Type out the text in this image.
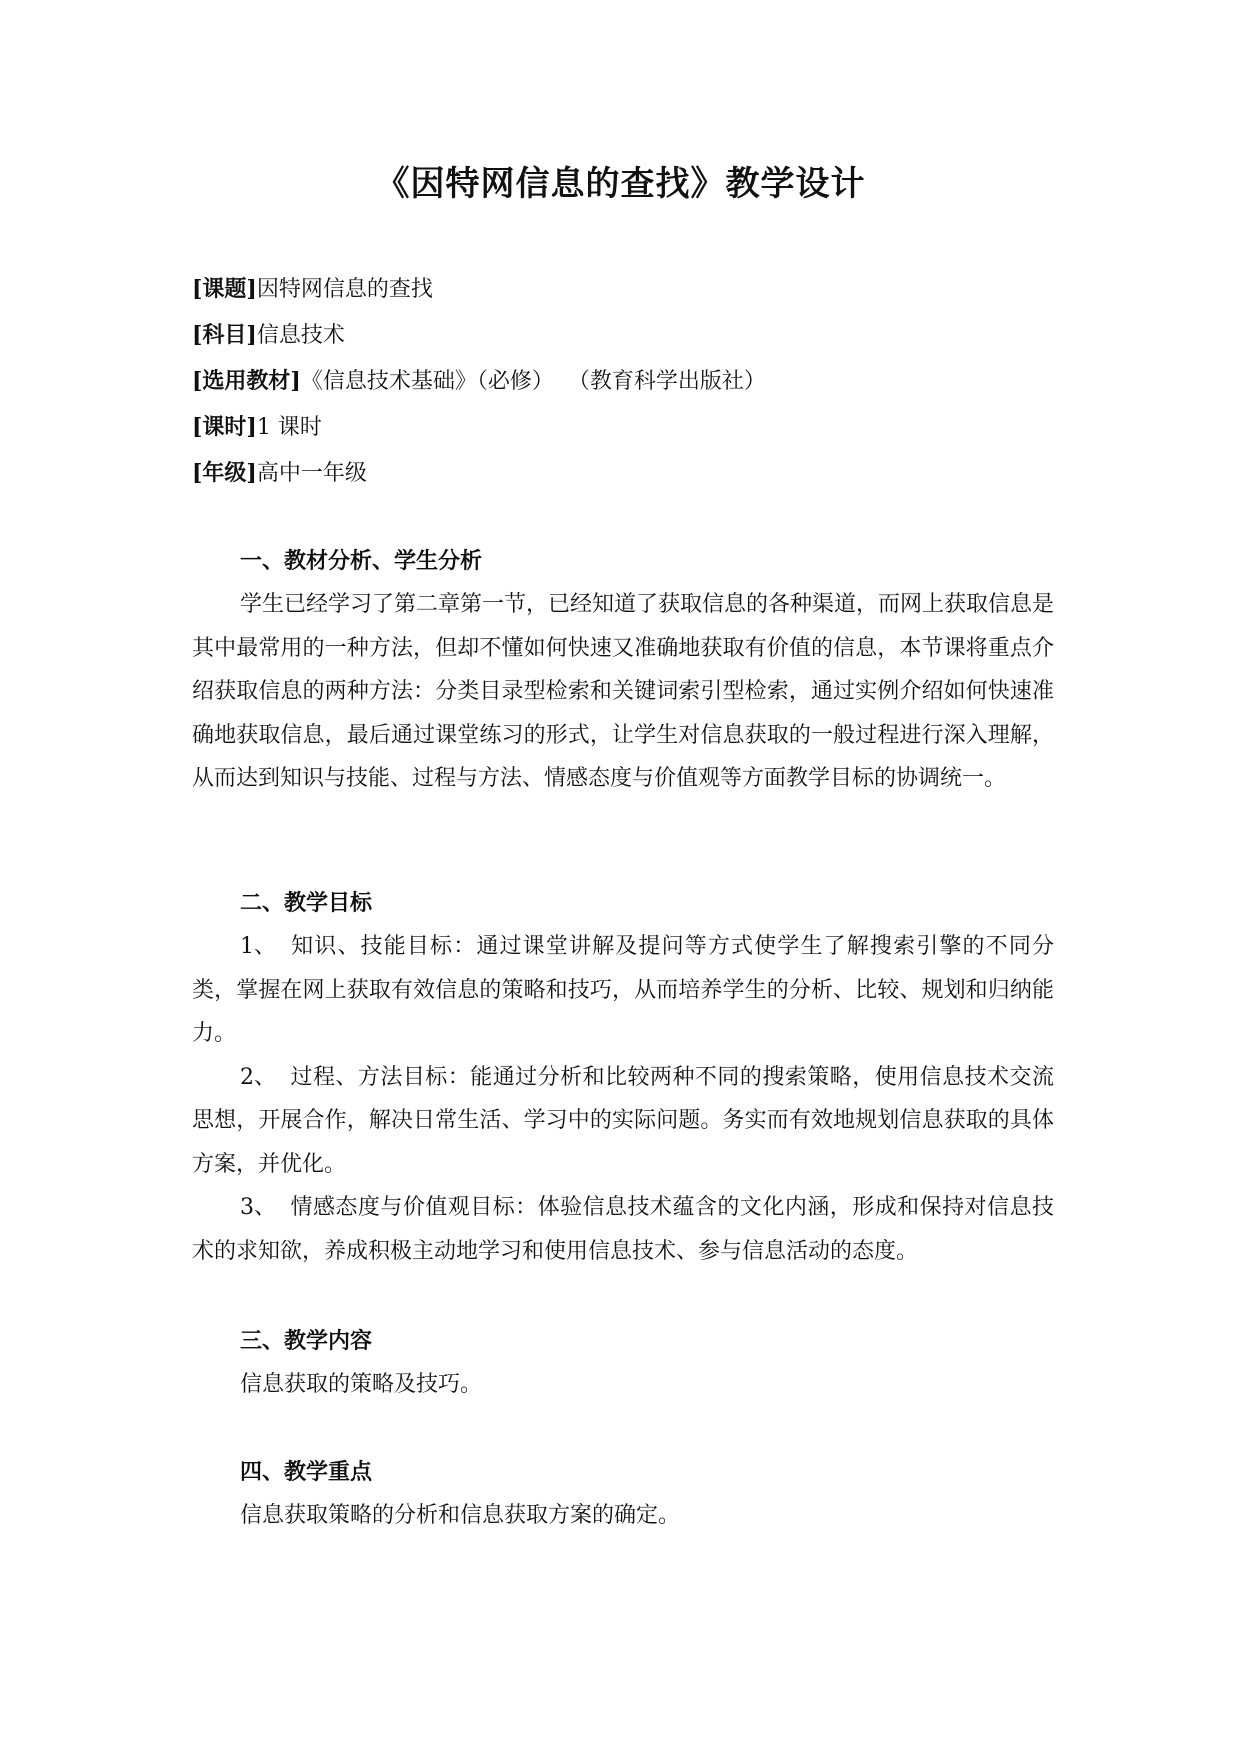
《因特网信息的查找》教学设计
[课题]因特网信息的查找
[科目]信息技术
[选用教材]《信息技术基础》（必修）  （教育科学出版社）
[课时]1 课时
[年级]高中一年级
一、教材分析、学生分析

学生已经学习了第二章第一节，已经知道了获取信息的各种渠道，而网上获取信息是其中最常用的一种方法，但却不懂如何快速又准确地获取有价值的信息，本节课将重点介绍获取信息的两种方法：分类目录型检索和关键词索引型检索，通过实例介绍如何快速准确地获取信息，最后通过课堂练习的形式，让学生对信息获取的一般过程进行深入理解，从而达到知识与技能、过程与方法、情感态度与价值观等方面教学目标的协调统一。

二、教学目标

1、 知识、技能目标：通过课堂讲解及提问等方式使学生了解搜索引擎的不同分类，掌握在网上获取有效信息的策略和技巧，从而培养学生的分析、比较、规划和归纳能力。

2、 过程、方法目标：能通过分析和比较两种不同的搜索策略，使用信息技术交流思想，开展合作，解决日常生活、学习中的实际问题。务实而有效地规划信息获取的具体方案，并优化。

3、 情感态度与价值观目标：体验信息技术蕴含的文化内涵，形成和保持对信息技术的求知欲，养成积极主动地学习和使用信息技术、参与信息活动的态度。

三、教学内容
信息获取的策略及技巧。
四、教学重点
信息获取策略的分析和信息获取方案的确定。
